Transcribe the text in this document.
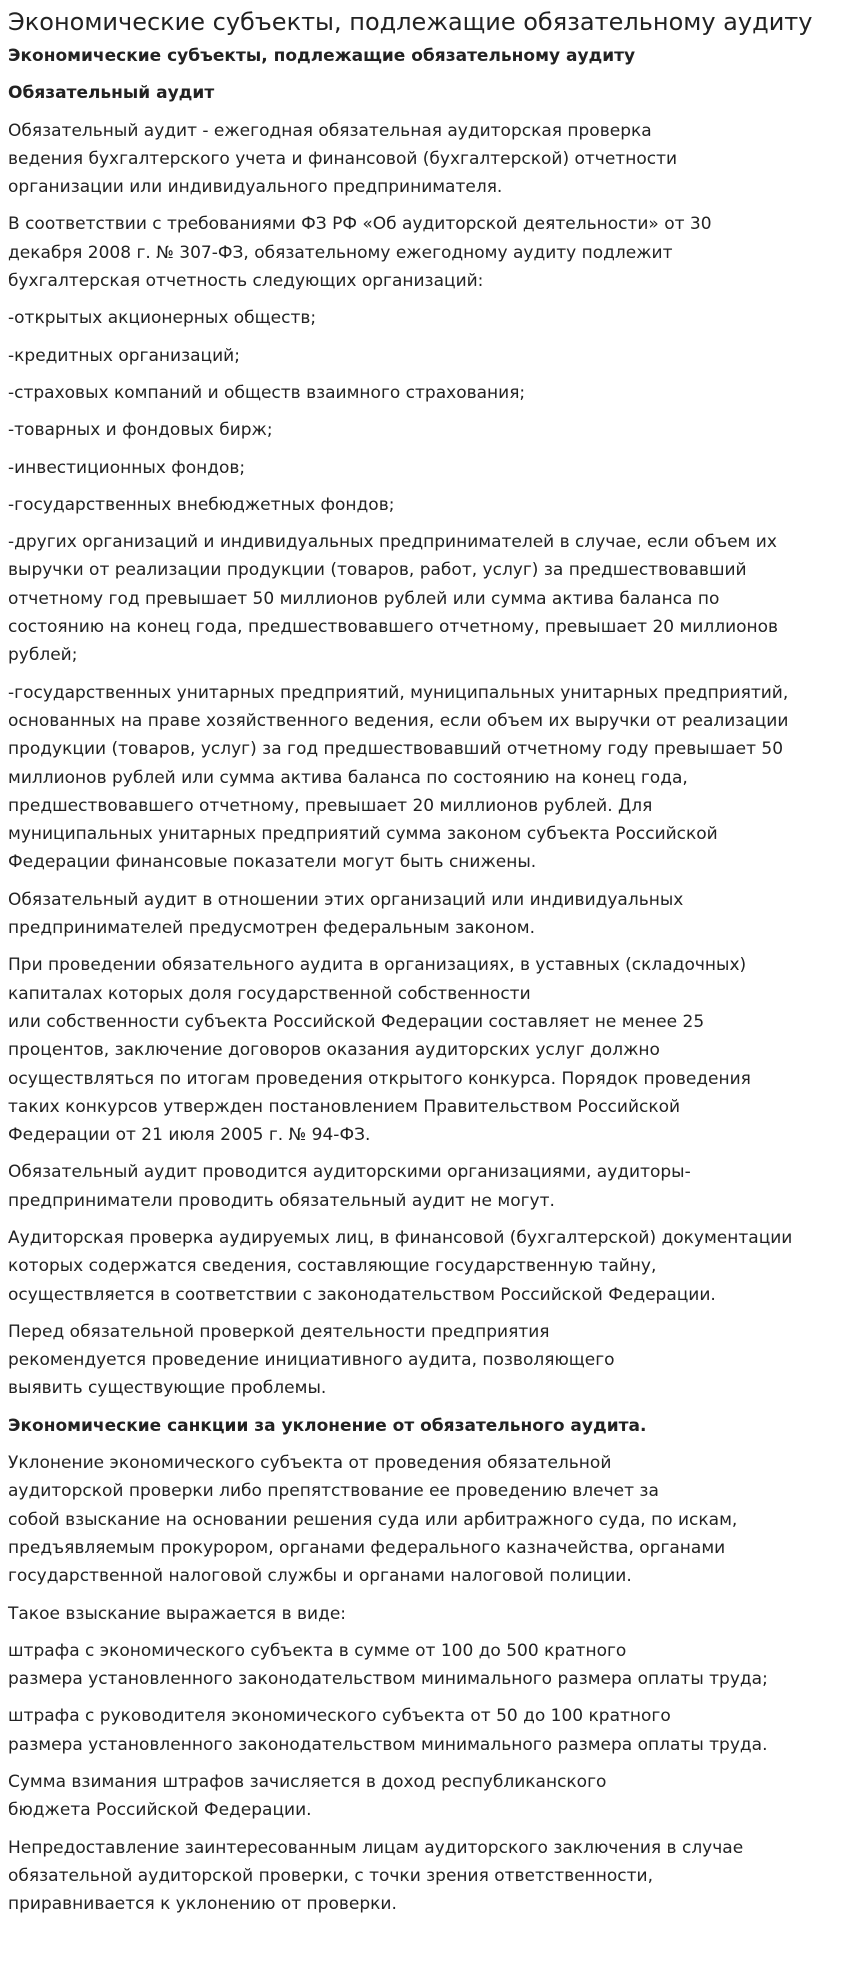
Экономические субъекты, подлежащие обязательному аудиту

Экономические субъекты, подлежащие обязательному аудиту

Обязательный аудит

Обязательный аудит - ежегодная обязательная аудиторская проверка
ведения бухгалтерского учета и финансовой (бухгалтерской) отчетности
организации или индивидуального предпринимателя.

В соответствии с требованиями ФЗ РФ «Об аудиторской деятельности» от 30
декабря 2008 г. № 307-ФЗ, обязательному ежегодному аудиту подлежит
бухгалтерская отчетность следующих организаций:

-открытых акционерных обществ;

-кредитных организаций;

-страховых компаний и обществ взаимного страхования;

-товарных и фондовых бирж;

-инвестиционных фондов;

-государственных внебюджетных фондов;

-других организаций и индивидуальных предпринимателей в случае, если объем их
выручки от реализации продукции (товаров, работ, услуг) за предшествовавший
отчетному год превышает 50 миллионов рублей или сумма актива баланса по
состоянию на конец года, предшествовавшего отчетному, превышает 20 миллионов
рублей;

-государственных унитарных предприятий, муниципальных унитарных предприятий,
основанных на праве хозяйственного ведения, если объем их выручки от реализации
продукции (товаров, услуг) за год предшествовавший отчетному году превышает 50
миллионов рублей или сумма актива баланса по состоянию на конец года,
предшествовавшего отчетному, превышает 20 миллионов рублей. Для
муниципальных унитарных предприятий сумма законом субъекта Российской
Федерации финансовые показатели могут быть снижены.

Обязательный аудит в отношении этих организаций или индивидуальных
предпринимателей предусмотрен федеральным законом.

При проведении обязательного аудита в организациях, в уставных (складочных)
капиталах которых доля государственной собственности
или собственности субъекта Российской Федерации составляет не менее 25
процентов, заключение договоров оказания аудиторских услуг должно
осуществляться по итогам проведения открытого конкурса. Порядок проведения
таких конкурсов утвержден постановлением Правительством Российской
Федерации от 21 июля 2005 г. № 94-ФЗ.

Обязательный аудит проводится аудиторскими организациями, аудиторы-
предприниматели проводить обязательный аудит не могут.

Аудиторская проверка аудируемых лиц, в финансовой (бухгалтерской) документации
которых содержатся сведения, составляющие государственную тайну,
осуществляется в соответствии с законодательством Российской Федерации.

Перед обязательной проверкой деятельности предприятия
рекомендуется проведение инициативного аудита, позволяющего
выявить существующие проблемы.

Экономические санкции за уклонение от обязательного аудита.

Уклонение экономического субъекта от проведения обязательной
аудиторской проверки либо препятствование ее проведению влечет за
собой взыскание на основании решения суда или арбитражного суда, по искам,
предъявляемым прокурором, органами федерального казначейства, органами
государственной налоговой службы и органами налоговой полиции.

Такое взыскание выражается в виде:

штрафа с экономического субъекта в сумме от 100 до 500 кратного
размера установленного законодательством минимального размера оплаты труда;

штрафа с руководителя экономического субъекта от 50 до 100 кратного
размера установленного законодательством минимального размера оплаты труда.

Сумма взимания штрафов зачисляется в доход республиканского
бюджета Российской Федерации.

Непредоставление заинтересованным лицам аудиторского заключения в случае
обязательной аудиторской проверки, с точки зрения ответственности,
приравнивается к уклонению от проверки.
